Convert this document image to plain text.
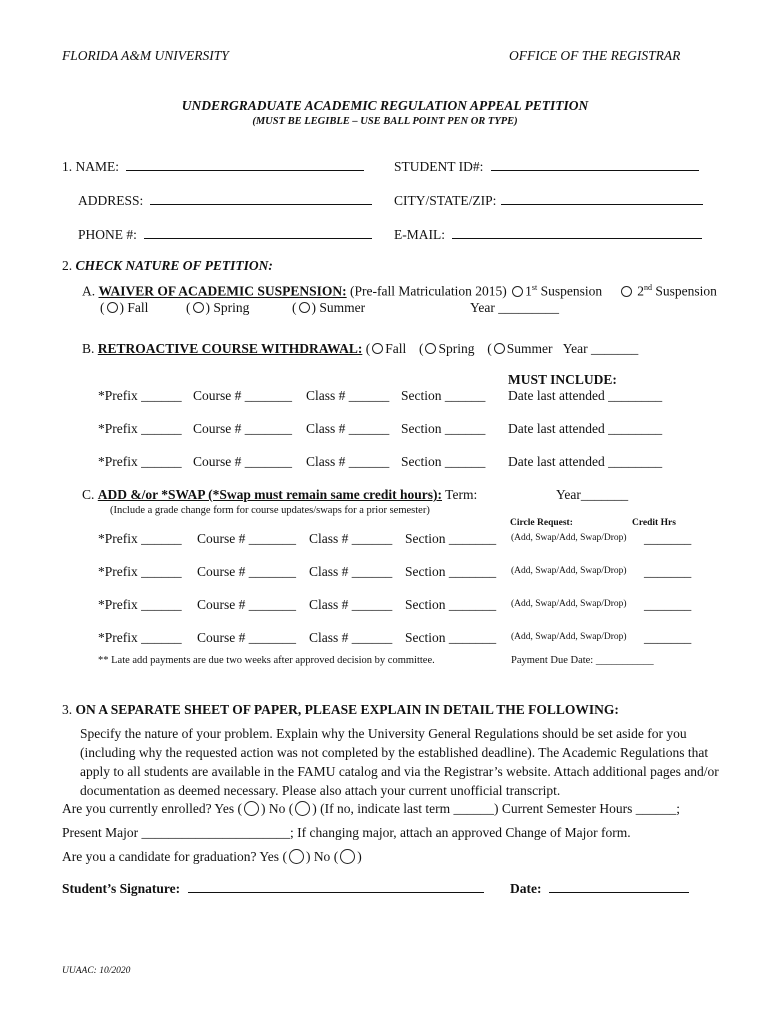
FLORIDA A&M UNIVERSITY	OFFICE OF THE REGISTRAR
UNDERGRADUATE ACADEMIC REGULATION APPEAL PETITION
(MUST BE LEGIBLE – USE BALL POINT PEN OR TYPE)
1. NAME:	STUDENT ID#:
ADDRESS:	CITY/STATE/ZIP:
PHONE #:	E-MAIL:
2. CHECK NATURE OF PETITION:
A. WAIVER OF ACADEMIC SUSPENSION: (Pre-fall Matriculation 2015) 1st Suspension	2nd Suspension
( ) Fall	( ) Spring	( ) Summer	Year _________
B. RETROACTIVE COURSE WITHDRAWAL: ( Fall  ( Spring  ( Summer Year _______
MUST INCLUDE:
*Prefix ______ Course # _______ Class # ______ Section ______ Date last attended ________
*Prefix ______ Course # _______ Class # ______ Section ______ Date last attended ________
*Prefix ______ Course # _______ Class # ______ Section ______ Date last attended ________
C. ADD &/or *SWAP (*Swap must remain same credit hours): Term:	Year_______
(Include a grade change form for course updates/swaps for a prior semester)
Circle Request:	Credit Hrs
*Prefix ______ Course # _______ Class # ______ Section _______ (Add, Swap/Add, Swap/Drop) _______
*Prefix ______ Course # _______ Class # ______ Section _______ (Add, Swap/Add, Swap/Drop) _______
*Prefix ______ Course # _______ Class # ______ Section _______ (Add, Swap/Add, Swap/Drop) _______
*Prefix ______ Course # _______ Class # ______ Section _______ (Add, Swap/Add, Swap/Drop) _______
** Late add payments are due two weeks after approved decision by committee.	Payment Due Date: ___________
3. ON A SEPARATE SHEET OF PAPER, PLEASE EXPLAIN IN DETAIL THE FOLLOWING:
Specify the nature of your problem. Explain why the University General Regulations should be set aside for you (including why the requested action was not completed by the established deadline). The Academic Regulations that apply to all students are available in the FAMU catalog and via the Registrar’s website. Attach additional pages and/or documentation as deemed necessary. Please also attach your current unofficial transcript.
Are you currently enrolled? Yes ( ) No ( ) (If no, indicate last term ______) Current Semester Hours ______;
Present Major ______________________; If changing major, attach an approved Change of Major form.
Are you a candidate for graduation? Yes ( ) No ( )
Student’s Signature:	Date:
UUAAC: 10/2020
